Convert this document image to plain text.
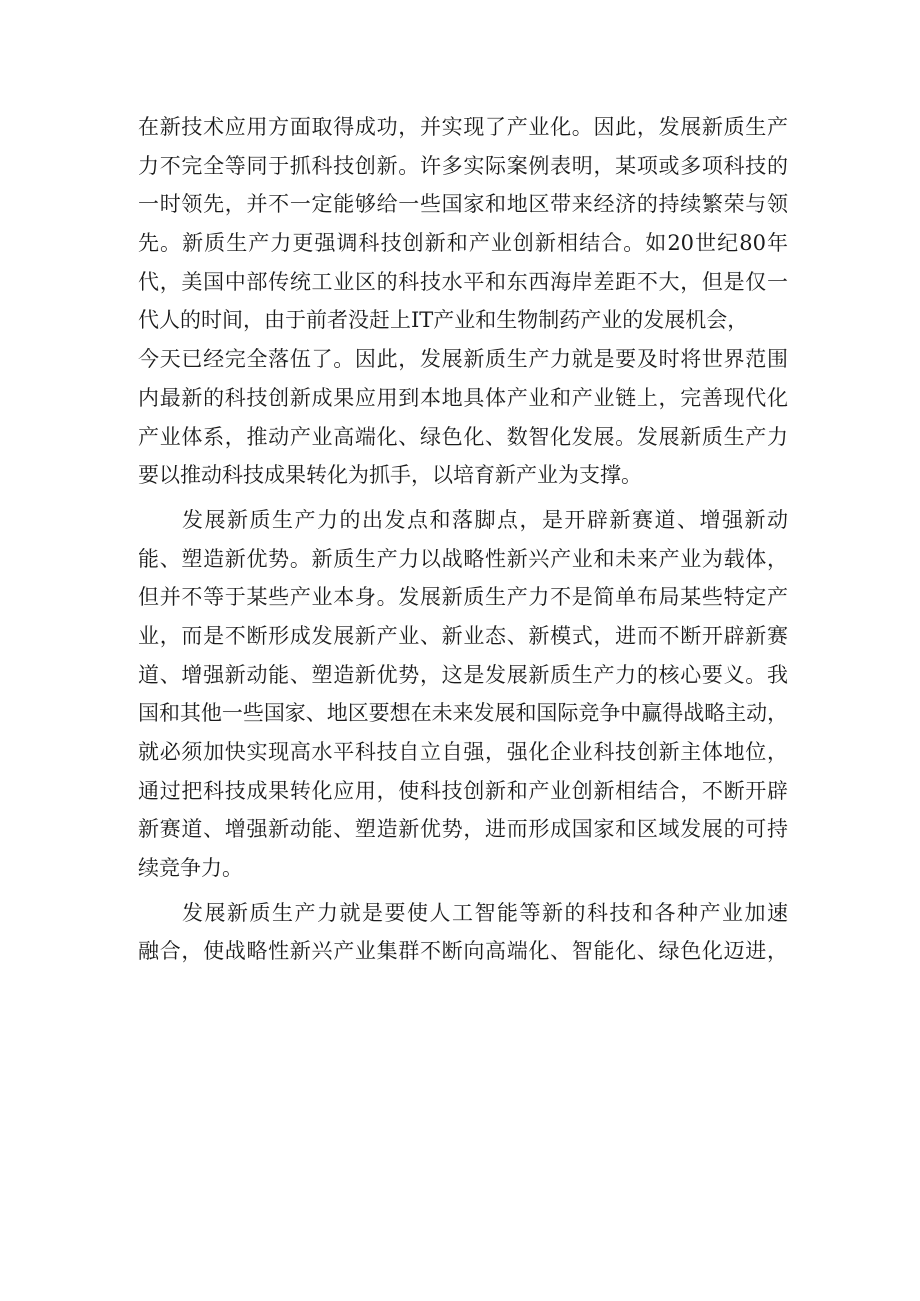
在新技术应用方面取得成功，并实现了产业化。因此，发展新质生产
力不完全等同于抓科技创新。许多实际案例表明，某项或多项科技的
一时领先，并不一定能够给一些国家和地区带来经济的持续繁荣与领
先。新质生产力更强调科技创新和产业创新相结合。如20世纪80年
代，美国中部传统工业区的科技水平和东西海岸差距不大，但是仅一
代人的时间，由于前者没赶上IT产业和生物制药产业的发展机会，
今天已经完全落伍了。因此，发展新质生产力就是要及时将世界范围
内最新的科技创新成果应用到本地具体产业和产业链上，完善现代化
产业体系，推动产业高端化、绿色化、数智化发展。发展新质生产力
要以推动科技成果转化为抓手，以培育新产业为支撑。
发展新质生产力的出发点和落脚点，是开辟新赛道、增强新动
能、塑造新优势。新质生产力以战略性新兴产业和未来产业为载体，
但并不等于某些产业本身。发展新质生产力不是简单布局某些特定产
业，而是不断形成发展新产业、新业态、新模式，进而不断开辟新赛
道、增强新动能、塑造新优势，这是发展新质生产力的核心要义。我
国和其他一些国家、地区要想在未来发展和国际竞争中赢得战略主动，
就必须加快实现高水平科技自立自强，强化企业科技创新主体地位，
通过把科技成果转化应用，使科技创新和产业创新相结合，不断开辟
新赛道、增强新动能、塑造新优势，进而形成国家和区域发展的可持
续竞争力。
发展新质生产力就是要使人工智能等新的科技和各种产业加速
融合，使战略性新兴产业集群不断向高端化、智能化、绿色化迈进，
